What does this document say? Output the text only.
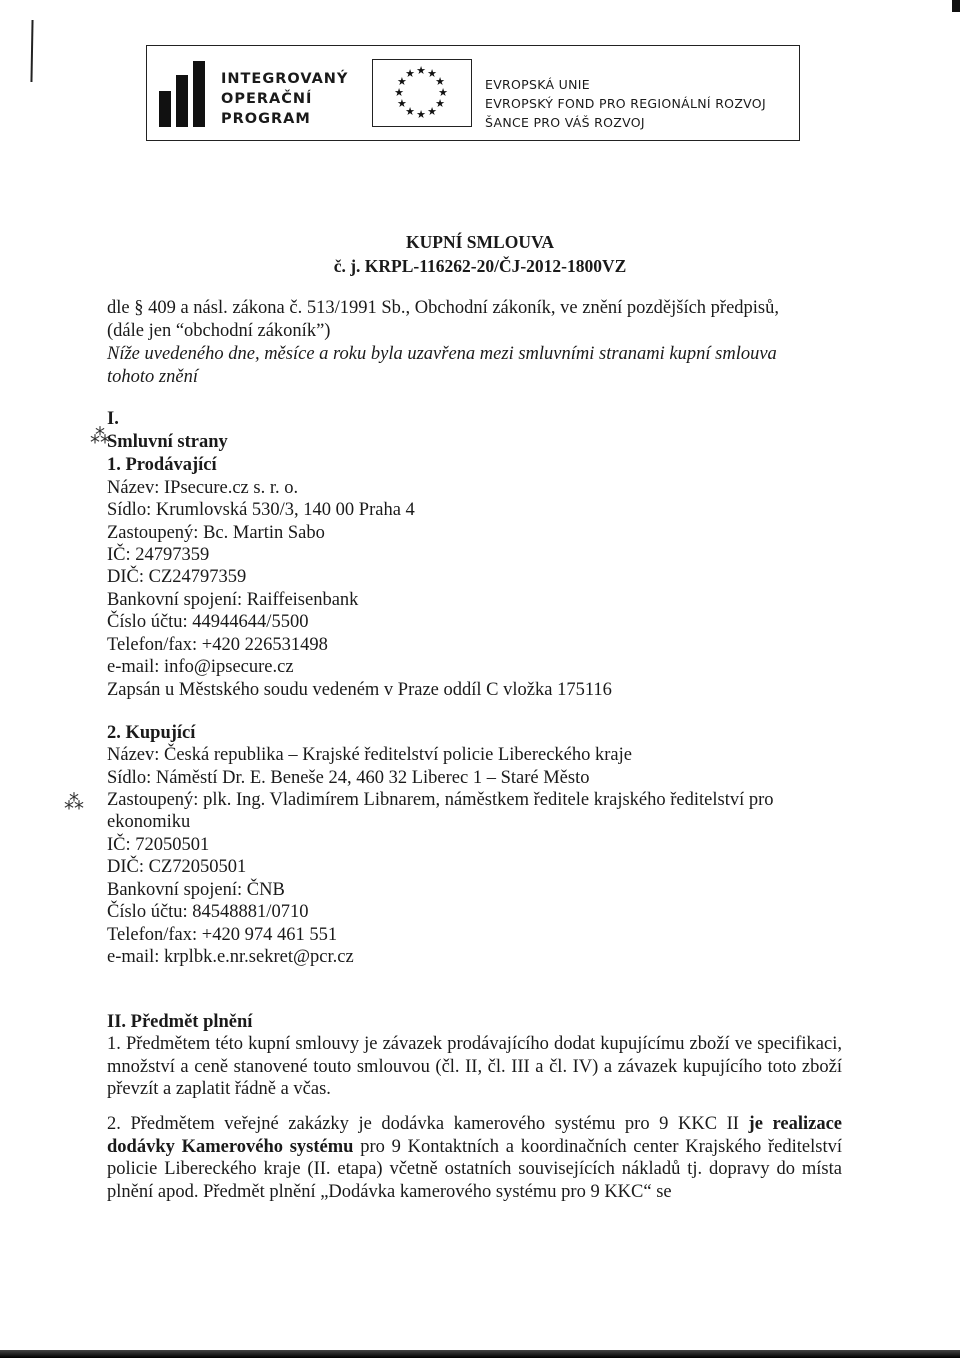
⁂
⁂
INTEGROVANÝ
OPERAČNÍ
PROGRAM
★ ★
★
★
★
★
★
★
★
★
★
★
EVROPSKÁ UNIE
EVROPSKÝ FOND PRO REGIONÁLNÍ ROZVOJ
ŠANCE PRO VÁŠ ROZVOJ
KUPNÍ SMLOUVA
č. j. KRPL-116262-20/ČJ-2012-1800VZ

dle § 409 a násl. zákona č. 513/1991 Sb., Obchodní zákoník, ve znění pozdějších předpisů,

(dále jen “obchodní zákoník”)

Níže uvedeného dne, měsíce a roku byla uzavřena mezi smluvními stranami kupní smlouva

tohoto znění

I.

Smluvní strany

1. Prodávající

Název: IPsecure.cz s. r. o.

Sídlo: Krumlovská 530/3, 140 00 Praha 4

Zastoupený: Bc. Martin Sabo

IČ: 24797359

DIČ: CZ24797359

Bankovní spojení: Raiffeisenbank

Číslo účtu: 44944644/5500

Telefon/fax: +420 226531498

e-mail: info@ipsecure.cz

Zapsán u Městského soudu vedeném v Praze oddíl C vložka 175116

2. Kupující

Název: Česká republika – Krajské ředitelství policie Libereckého kraje

Sídlo: Náměstí Dr. E. Beneše 24, 460 32 Liberec 1 – Staré Město

Zastoupený: plk. Ing. Vladimírem Libnarem, náměstkem ředitele krajského ředitelství pro

ekonomiku

IČ: 72050501

DIČ: CZ72050501

Bankovní spojení: ČNB

Číslo účtu: 84548881/0710

Telefon/fax: +420 974 461 551

e-mail: krplbk.e.nr.sekret@pcr.cz

II. Předmět plnění

1. Předmětem této kupní smlouvy je závazek prodávajícího dodat kupujícímu zboží ve specifikaci, množství a ceně stanovené touto smlouvou (čl. II, čl. III a čl. IV) a závazek kupujícího toto zboží převzít a zaplatit řádně a včas.

2. Předmětem veřejné zakázky je dodávka kamerového systému pro 9 KKC II je realizace dodávky Kamerového systému pro 9 Kontaktních a koordinačních center Krajského ředitelství policie Libereckého kraje (II. etapa) včetně ostatních souvisejících nákladů tj. dopravy do místa plnění apod. Předmět plnění „Dodávka kamerového systému pro 9 KKC“ se
